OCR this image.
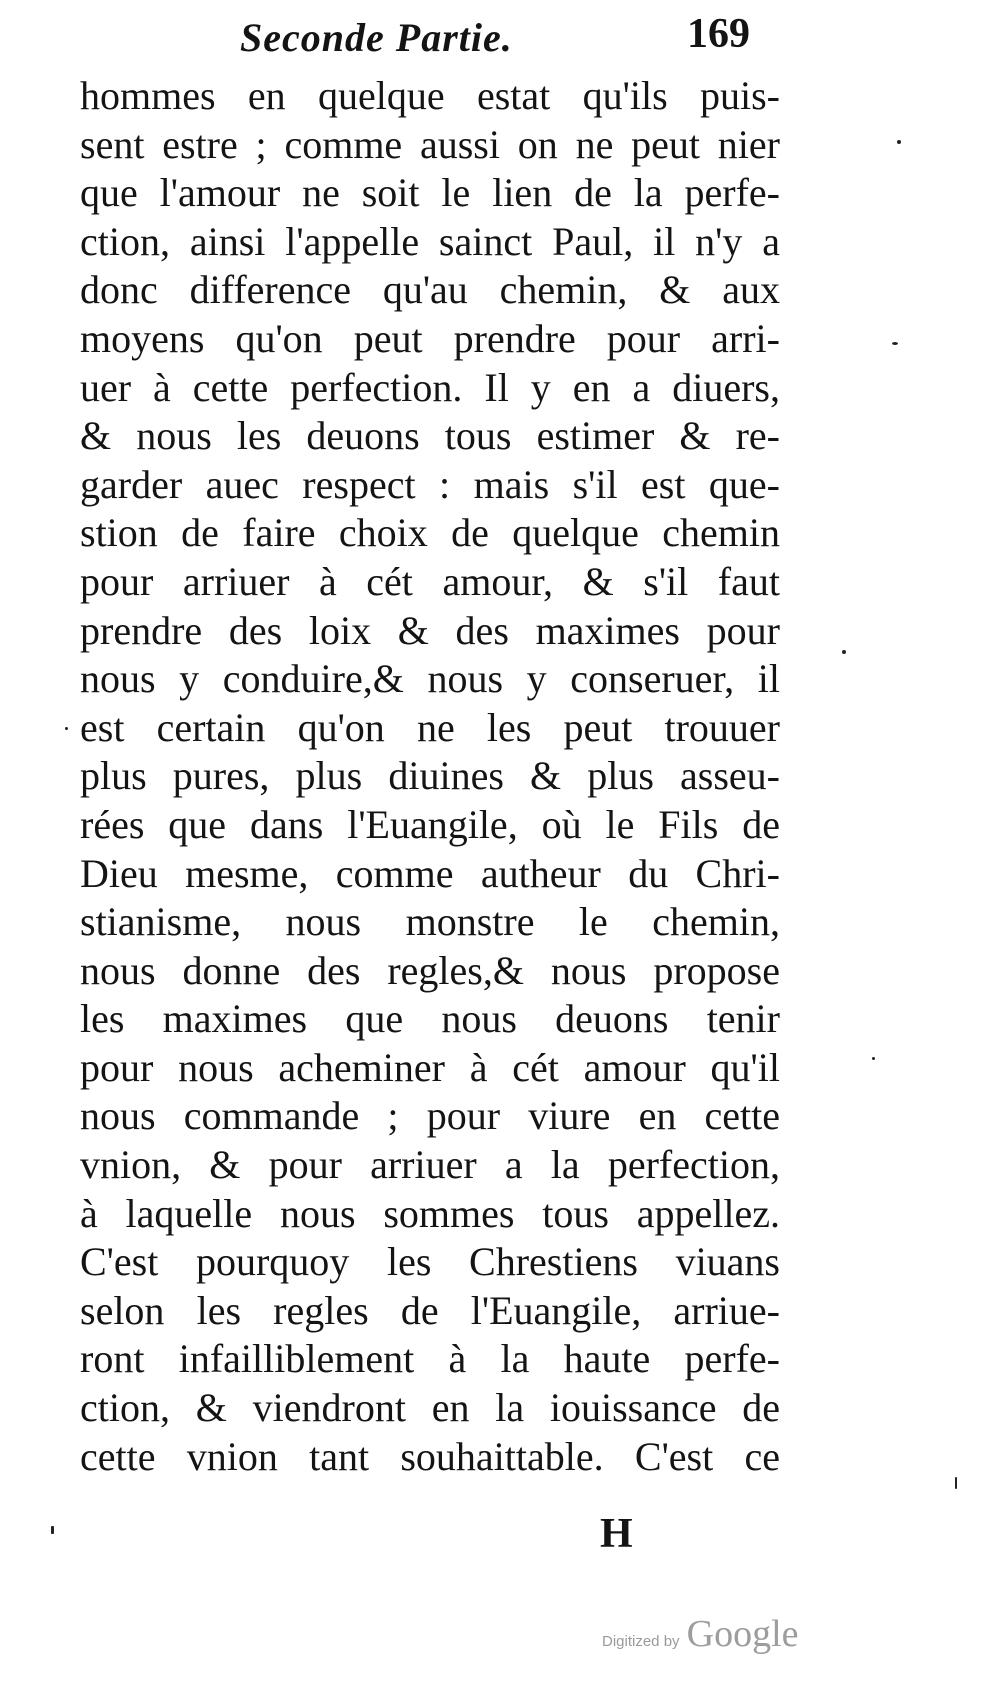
Seconde Partie.	169
hommes en quelque estat qu'ils puis-
sent estre ; comme aussi on ne peut nier
que l'amour ne soit le lien de la perfe-
ction, ainsi l'appelle sainct Paul, il n'y a
donc difference qu'au chemin, & aux
moyens qu'on peut prendre pour arri-
uer à cette perfection. Il y en a diuers,
& nous les deuons tous estimer & re-
garder auec respect : mais s'il est que-
stion de faire choix de quelque chemin
pour arriuer à cét amour, & s'il faut
prendre des loix & des maximes pour
nous y conduire,& nous y conseruer, il
est certain qu'on ne les peut trouuer
plus pures, plus diuines & plus asseu-
rées que dans l'Euangile, où le Fils de
Dieu mesme, comme autheur du Chri-
stianisme, nous monstre le chemin,
nous donne des regles,& nous propose
les maximes que nous deuons tenir
pour nous acheminer à cét amour qu'il
nous commande ; pour viure en cette
vnion, & pour arriuer a la perfection,
à laquelle nous sommes tous appellez.
C'est pourquoy les Chrestiens viuans
selon les regles de l'Euangile, arriue-
ront infailliblement à la haute perfe-
ction, & viendront en la iouissance de
cette vnion tant souhaittable. C'est ce
H
Digitized by Google
